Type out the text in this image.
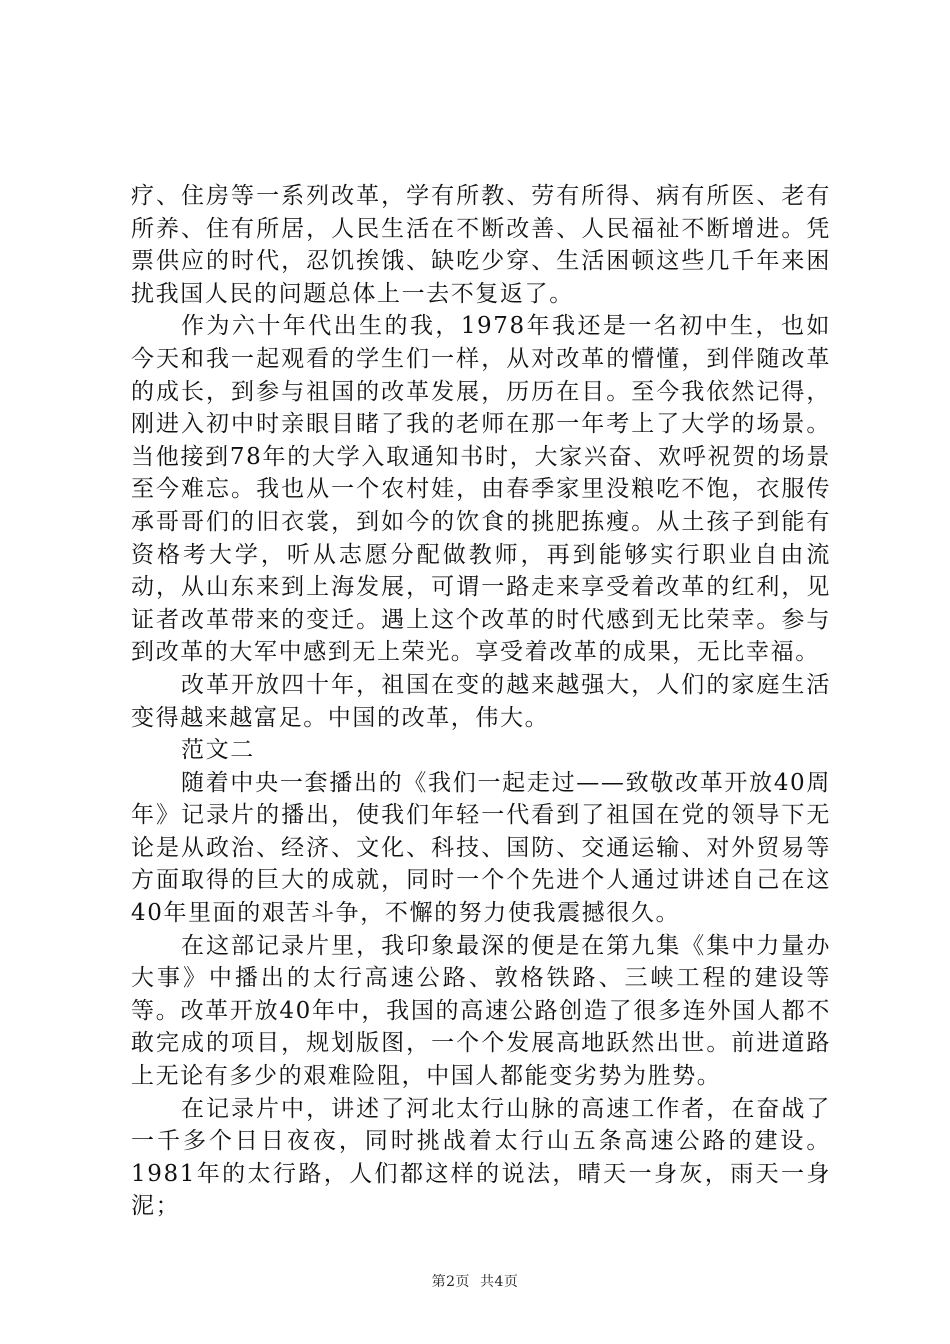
疗、住房等一系列改革，学有所教、劳有所得、病有所医、老有所养、住有所居，人民生活在不断改善、人民福祉不断增进。凭票供应的时代，忍饥挨饿、缺吃少穿、生活困顿这些几千年来困扰我国人民的问题总体上一去不复返了。

作为六十年代出生的我，1978年我还是一名初中生，也如今天和我一起观看的学生们一样，从对改革的懵懂，到伴随改革的成长，到参与祖国的改革发展，历历在目。至今我依然记得，刚进入初中时亲眼目睹了我的老师在那一年考上了大学的场景。当他接到78年的大学入取通知书时，大家兴奋、欢呼祝贺的场景至今难忘。我也从一个农村娃，由春季家里没粮吃不饱，衣服传承哥哥们的旧衣裳，到如今的饮食的挑肥拣瘦。从土孩子到能有资格考大学，听从志愿分配做教师，再到能够实行职业自由流动，从山东来到上海发展，可谓一路走来享受着改革的红利，见证者改革带来的变迁。遇上这个改革的时代感到无比荣幸。参与到改革的大军中感到无上荣光。享受着改革的成果，无比幸福。

改革开放四十年，祖国在变的越来越强大，人们的家庭生活变得越来越富足。中国的改革，伟大。

范文二

随着中央一套播出的《我们一起走过——致敬改革开放40周年》记录片的播出，使我们年轻一代看到了祖国在党的领导下无论是从政治、经济、文化、科技、国防、交通运输、对外贸易等方面取得的巨大的成就，同时一个个先进个人通过讲述自己在这40年里面的艰苦斗争，不懈的努力使我震撼很久。

在这部记录片里，我印象最深的便是在第九集《集中力量办大事》中播出的太行高速公路、敦格铁路、三峡工程的建设等等。改革开放40年中，我国的高速公路创造了很多连外国人都不敢完成的项目，规划版图，一个个发展高地跃然出世。前进道路上无论有多少的艰难险阻，中国人都能变劣势为胜势。

在记录片中，讲述了河北太行山脉的高速工作者，在奋战了一千多个日日夜夜，同时挑战着太行山五条高速公路的建设。1981年的太行路，人们都这样的说法，晴天一身灰，雨天一身泥；

第2页 共4页
